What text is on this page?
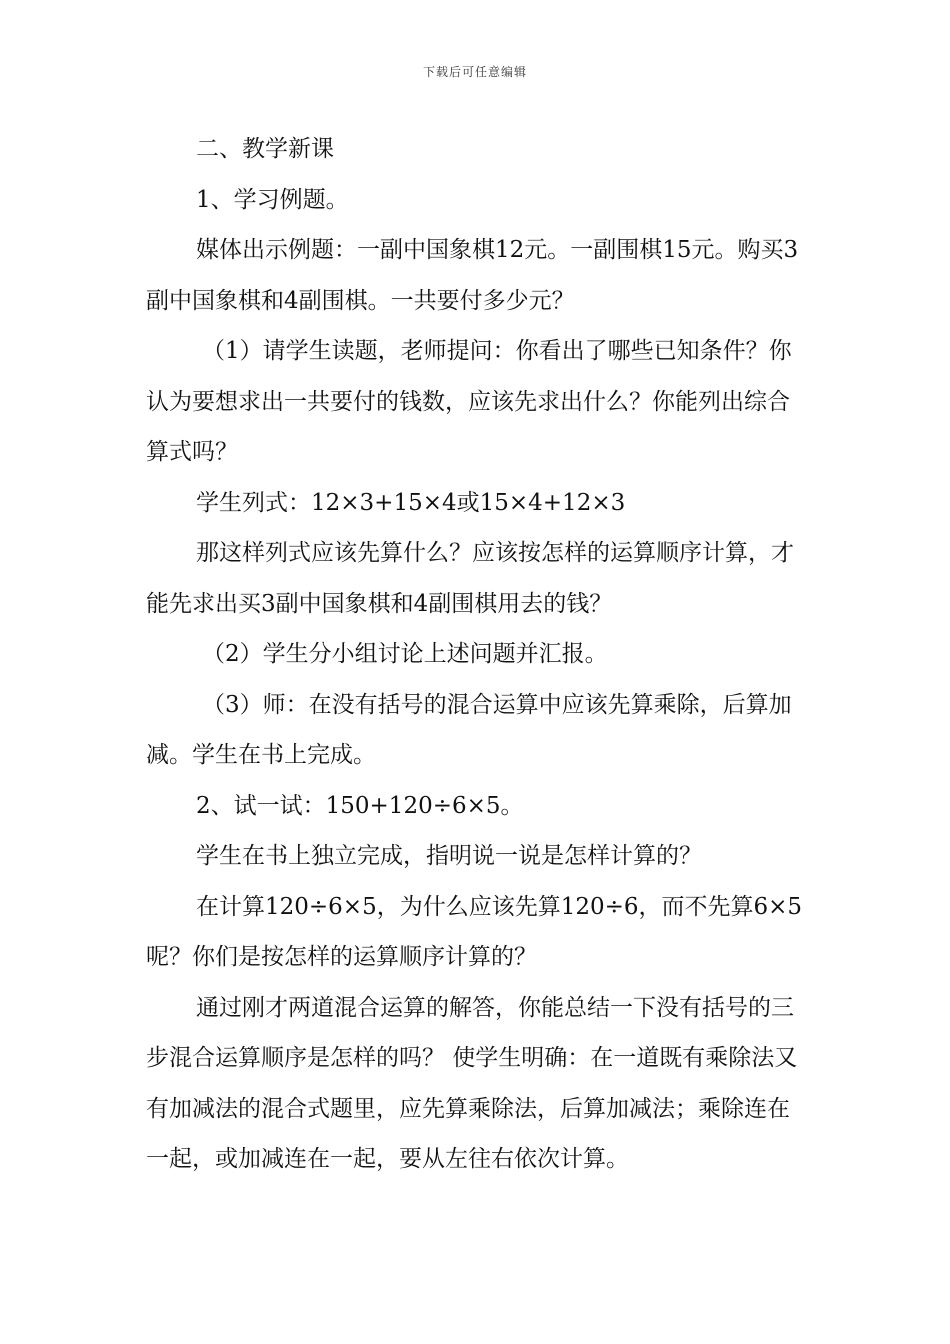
下载后可任意编辑

二、教学新课

1、学习例题。

媒体出示例题：一副中国象棋12元。一副围棋15元。购买3副中国象棋和4副围棋。一共要付多少元？

（1）请学生读题，老师提问：你看出了哪些已知条件？你认为要想求出一共要付的钱数，应该先求出什么？你能列出综合算式吗？

学生列式：12×3+15×4或15×4+12×3

那这样列式应该先算什么？应该按怎样的运算顺序计算，才能先求出买3副中国象棋和4副围棋用去的钱？

（2）学生分小组讨论上述问题并汇报。

（3）师：在没有括号的混合运算中应该先算乘除，后算加减。学生在书上完成。

2、试一试：150+120÷6×5。

学生在书上独立完成，指明说一说是怎样计算的？

在计算120÷6×5，为什么应该先算120÷6，而不先算6×5呢？你们是按怎样的运算顺序计算的？

通过刚才两道混合运算的解答，你能总结一下没有括号的三步混合运算顺序是怎样的吗？ 使学生明确：在一道既有乘除法又有加减法的混合式题里，应先算乘除法，后算加减法；乘除连在一起，或加减连在一起，要从左往右依次计算。
